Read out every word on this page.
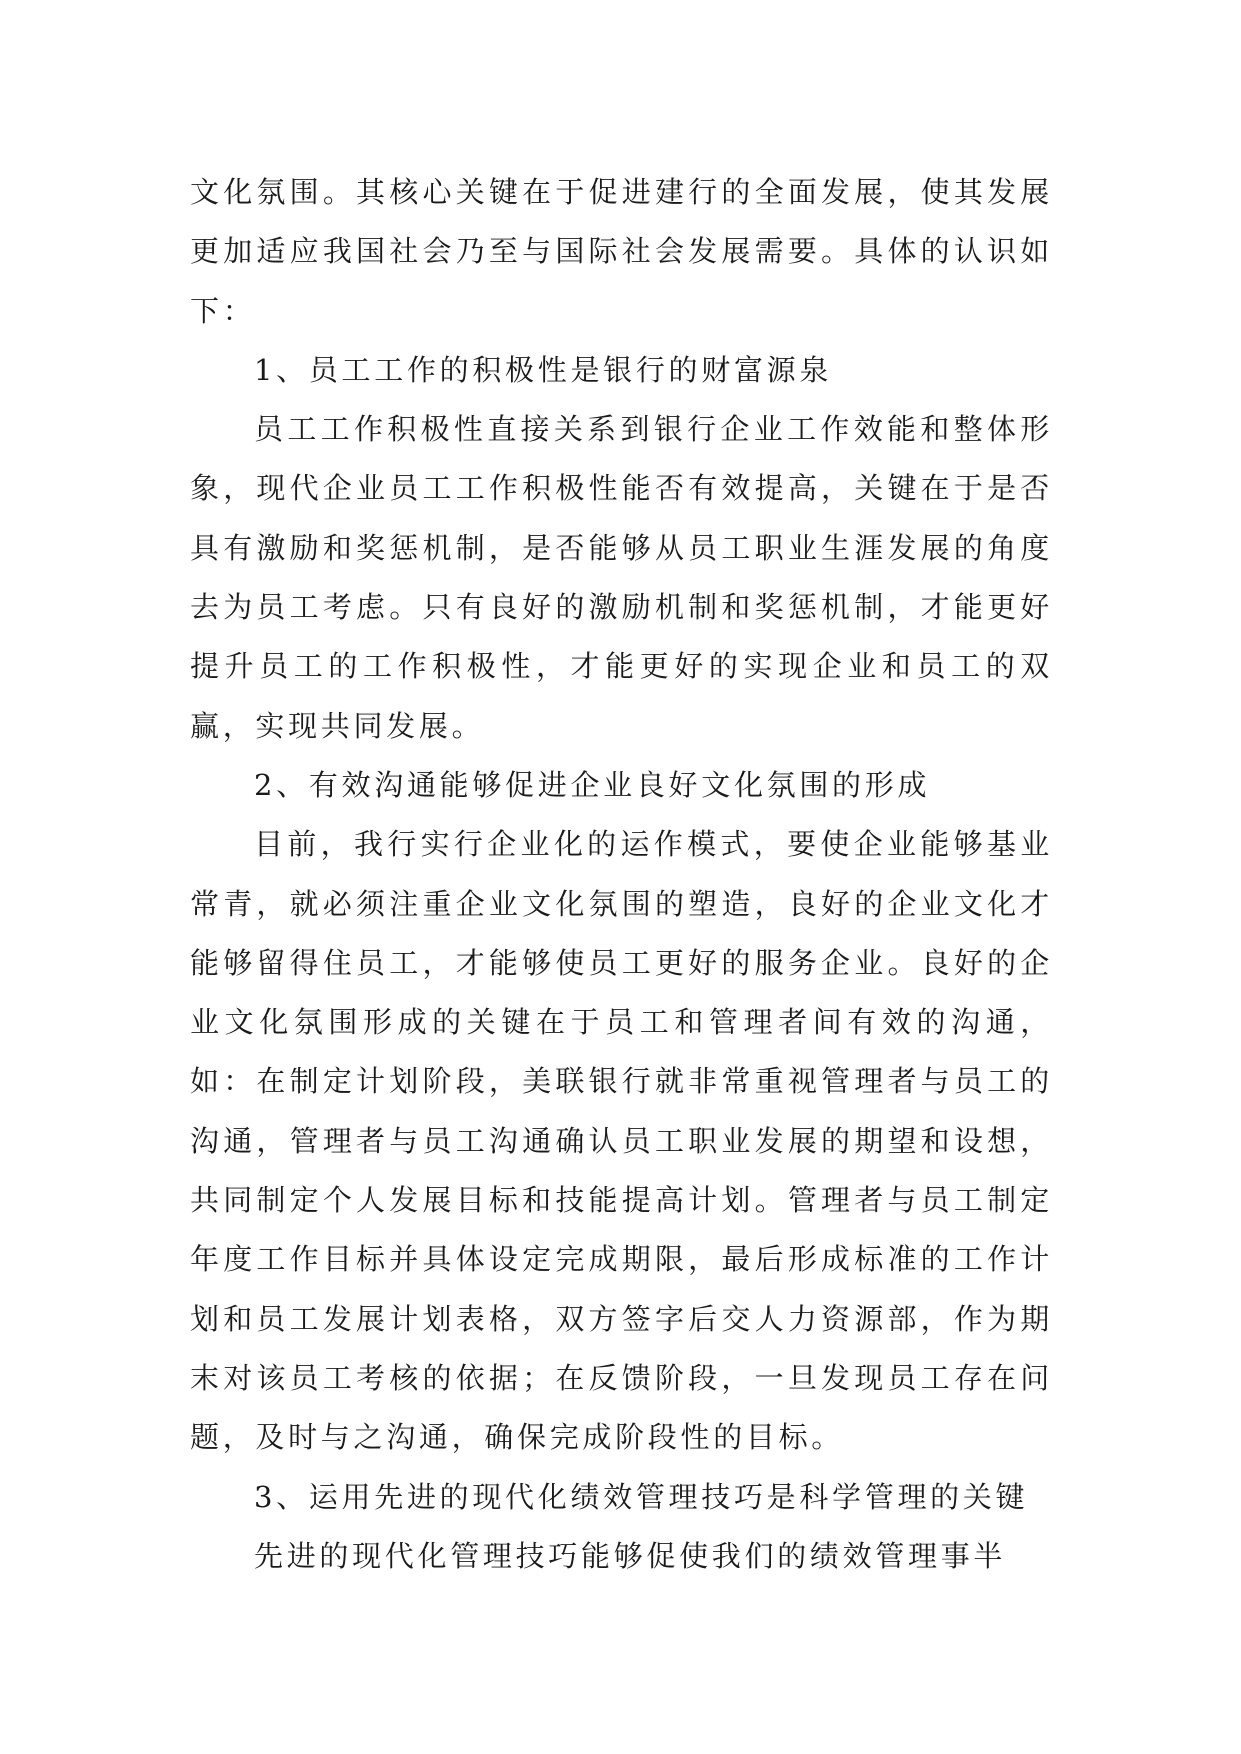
文化氛围。其核心关键在于促进建行的全面发展，使其发展更加适应我国社会乃至与国际社会发展需要。具体的认识如下：

1、员工工作的积极性是银行的财富源泉

员工工作积极性直接关系到银行企业工作效能和整体形象，现代企业员工工作积极性能否有效提高，关键在于是否具有激励和奖惩机制，是否能够从员工职业生涯发展的角度去为员工考虑。只有良好的激励机制和奖惩机制，才能更好提升员工的工作积极性，才能更好的实现企业和员工的双赢，实现共同发展。

2、有效沟通能够促进企业良好文化氛围的形成

目前，我行实行企业化的运作模式，要使企业能够基业常青，就必须注重企业文化氛围的塑造，良好的企业文化才能够留得住员工，才能够使员工更好的服务企业。良好的企业文化氛围形成的关键在于员工和管理者间有效的沟通，如：在制定计划阶段，美联银行就非常重视管理者与员工的沟通，管理者与员工沟通确认员工职业发展的期望和设想，共同制定个人发展目标和技能提高计划。管理者与员工制定年度工作目标并具体设定完成期限，最后形成标准的工作计划和员工发展计划表格，双方签字后交人力资源部，作为期末对该员工考核的依据；在反馈阶段，一旦发现员工存在问题，及时与之沟通，确保完成阶段性的目标。

3、运用先进的现代化绩效管理技巧是科学管理的关键

先进的现代化管理技巧能够促使我们的绩效管理事半
